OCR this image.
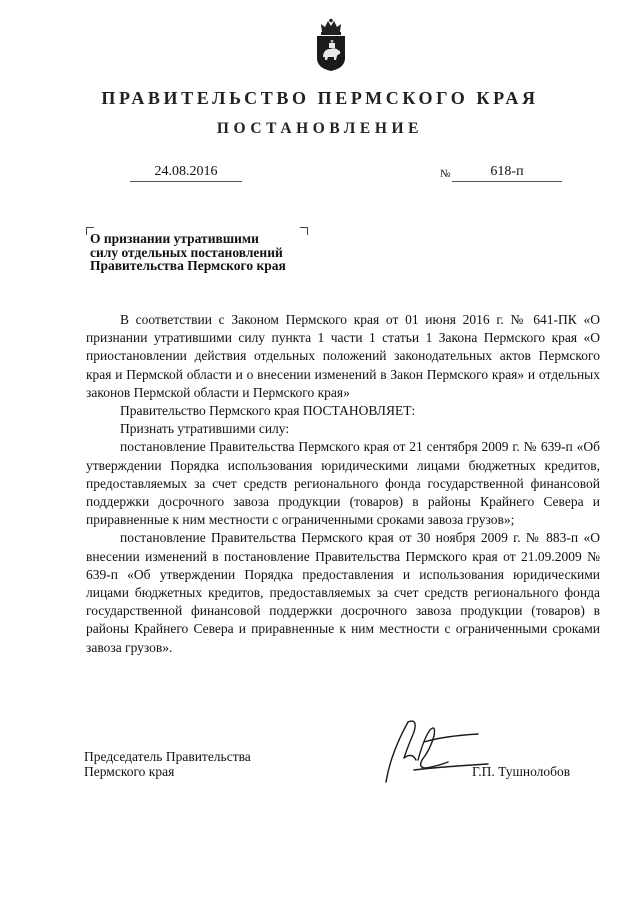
ПРАВИТЕЛЬСТВО ПЕРМСКОГО КРАЯ
ПОСТАНОВЛЕНИЕ
24.08.2016	№	618-п
О признании утратившими
силу отдельных постановлений
Правительства Пермского края

В соответствии с Законом Пермского края от 01 июня 2016 г. № 641-ПК «О признании утратившими силу пункта 1 части 1 статьи 1 Закона Пермского края «О приостановлении действия отдельных положений законодательных актов Пермского края и Пермской области и о внесении изменений в Закон Пермского края» и отдельных законов Пермской области и Пермского края»

Правительство Пермского края ПОСТАНОВЛЯЕТ:

Признать утратившими силу:

постановление Правительства Пермского края от 21 сентября 2009 г. № 639-п «Об утверждении Порядка использования юридическими лицами бюджетных кредитов, предоставляемых за счет средств регионального фонда государственной финансовой поддержки досрочного завоза продукции (товаров) в районы Крайнего Севера и приравненные к ним местности с ограниченными сроками завоза грузов»;

постановление Правительства Пермского края от 30 ноября 2009 г. № 883-п «О внесении изменений в постановление Правительства Пермского края от 21.09.2009 № 639-п «Об утверждении Порядка предоставления и использования юридическими лицами бюджетных кредитов, предоставляемых за счет средств регионального фонда государственной финансовой поддержки досрочного завоза продукции (товаров) в районы Крайнего Севера и приравненные к ним местности с ограниченными сроками завоза грузов».

Председатель Правительства
Пермского края	Г.П. Тушнолобов
